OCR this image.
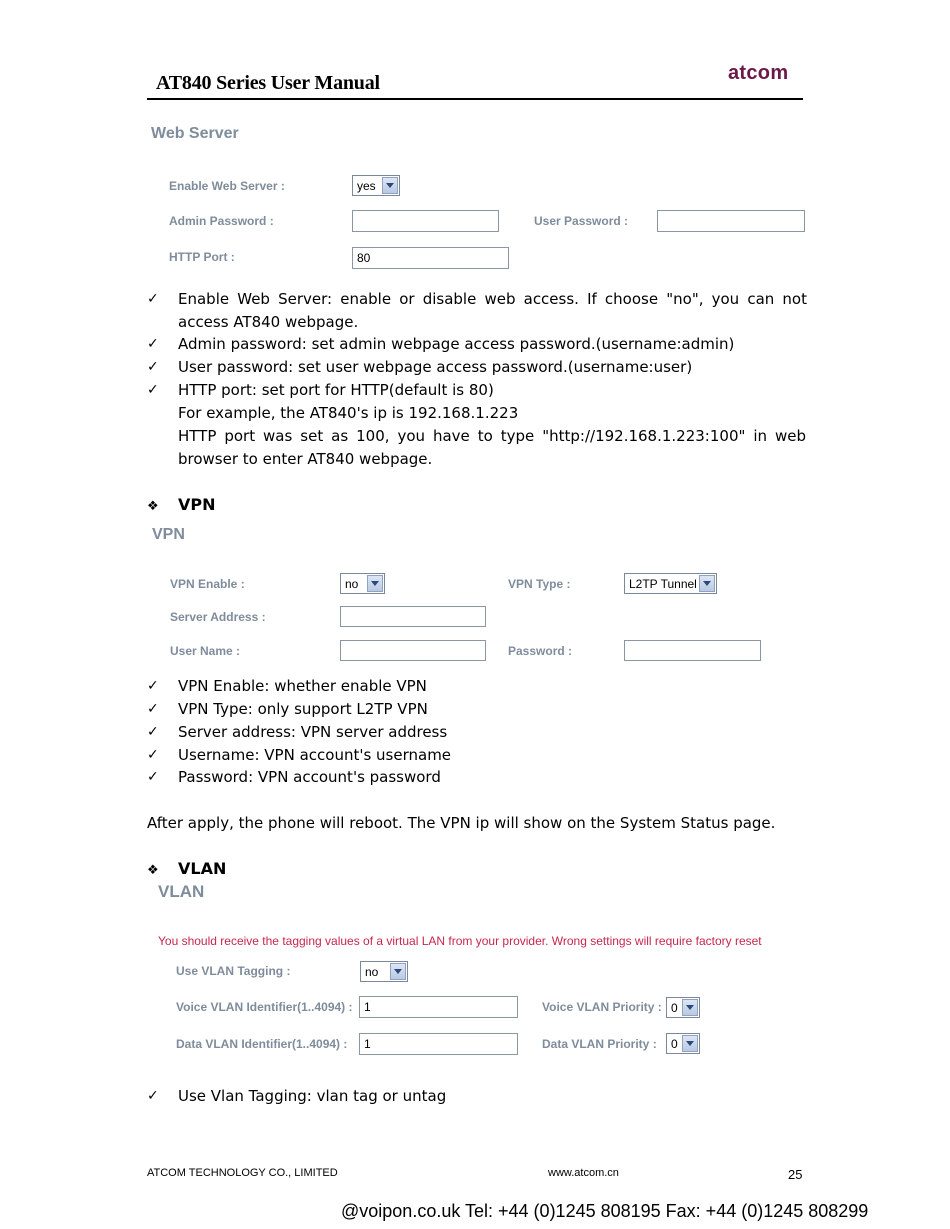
AT840 Series User Manual	atcom
Web Server
Enable Web Server :	yes
Admin Password :	User Password :
HTTP Port :	80
✓ Enable Web Server: enable or disable web access. If choose "no", you can not access AT840 webpage.
✓ Admin password: set admin webpage access password.(username:admin)
✓ User password: set user webpage access password.(username:user)
✓ HTTP port: set port for HTTP(default is 80)
For example, the AT840's ip is 192.168.1.223
HTTP port was set as 100, you have to type "http://192.168.1.223:100" in web browser to enter AT840 webpage.
❖ VPN
VPN
VPN Enable :	no	VPN Type :	L2TP Tunnel
Server Address :
User Name :	Password :
✓ VPN Enable: whether enable VPN
✓ VPN Type: only support L2TP VPN
✓ Server address: VPN server address
✓ Username: VPN account's username
✓ Password: VPN account's password
After apply, the phone will reboot. The VPN ip will show on the System Status page.
❖ VLAN
VLAN
You should receive the tagging values of a virtual LAN from your provider. Wrong settings will require factory reset
Use VLAN Tagging :	no
Voice VLAN Identifier(1..4094) : 1	Voice VLAN Priority : 0
Data VLAN Identifier(1..4094) :	1	Data VLAN Priority :	0
✓ Use Vlan Tagging: vlan tag or untag
ATCOM TECHNOLOGY CO., LIMITED	www.atcom.cn	25
@voipon.co.uk Tel: +44 (0)1245 808195 Fax: +44 (0)1245 808299
